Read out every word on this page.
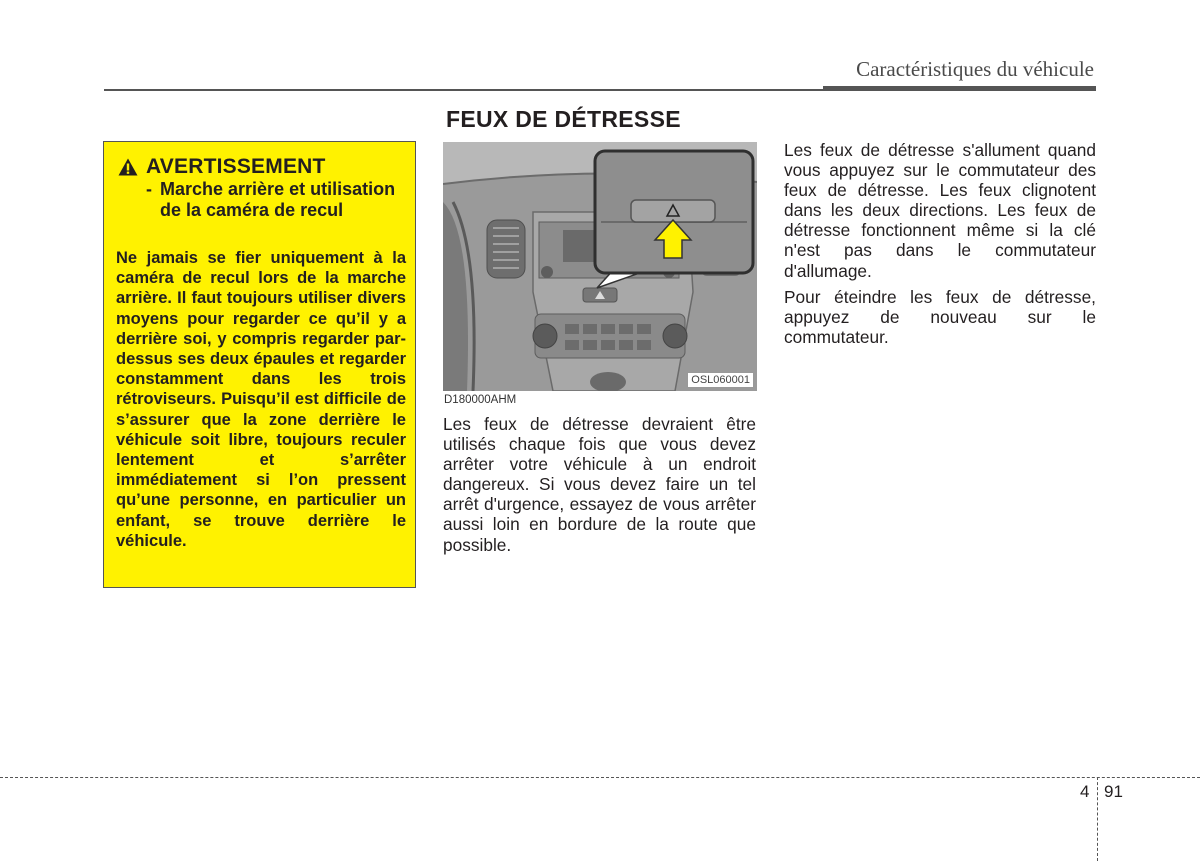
Caractéristiques du véhicule
AVERTISSEMENT
- Marche arrière et utilisation de la caméra de recul
Ne jamais se fier uniquement à la caméra de recul lors de la marche arrière. Il faut toujours utiliser divers moyens pour regarder ce qu’il y a derrière soi, y compris regarder par-dessus ses deux épaules et regarder constamment dans les trois rétroviseurs. Puisqu’il est difficile de s’assurer que la zone derrière le véhicule soit libre, toujours reculer lentement et s’arrêter immédiatement si l’on pressent qu’une personne, en particulier un enfant, se trouve derrière le véhicule.
FEUX DE DÉTRESSE
OSL060001
D180000AHM
Les feux de détresse devraient être utilisés chaque fois que vous devez arrêter votre véhicule à un endroit dangereux. Si vous devez faire un tel arrêt d'urgence, essayez de vous arrêter aussi loin en bordure de la route que possible.
Les feux de détresse s'allument quand vous appuyez sur le commutateur des feux de détresse. Les feux clignotent dans les deux directions. Les feux de détresse fonctionnent même si la clé n'est pas dans le commutateur d'allumage.
Pour éteindre les feux de détresse, appuyez de nouveau sur le commutateur.
4 91
